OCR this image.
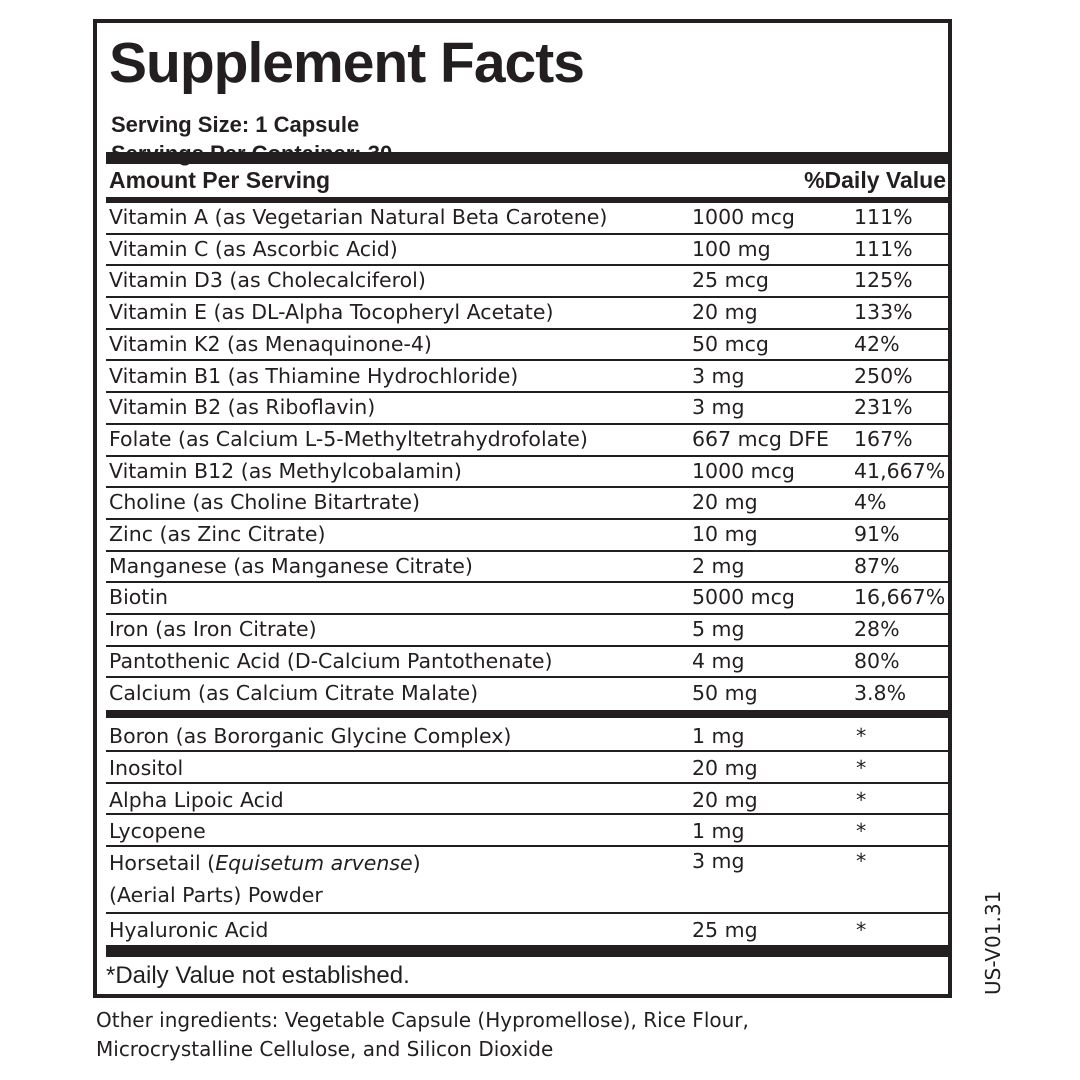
Supplement Facts
Serving Size: 1 Capsule
Amount Per Serving	%Daily Value
Vitamin A (as Vegetarian Natural Beta Carotene)	1000 mcg	111%
Vitamin C (as Ascorbic Acid)	100 mg	111%
Vitamin D3 (as Cholecalciferol)	25 mcg	125%
Vitamin E (as DL-Alpha Tocopheryl Acetate)	20 mg	133%
Vitamin K2 (as Menaquinone-4)	50 mcg	42%
Vitamin B1 (as Thiamine Hydrochloride)	3 mg	250%
Vitamin B2 (as Riboflavin)	3 mg	231%
Folate (as Calcium L-5-Methyltetrahydrofolate)	667 mcg DFE 167%
Vitamin B12 (as Methylcobalamin)	1000 mcg	41,667%
Choline (as Choline Bitartrate)	20 mg	4%
Zinc (as Zinc Citrate)	10 mg	91%
Manganese (as Manganese Citrate)	2 mg	87%
Biotin	5000 mcg	16,667%
Iron (as Iron Citrate)	5 mg	28%
Pantothenic Acid (D-Calcium Pantothenate)	4 mg	80%
Calcium (as Calcium Citrate Malate)	50 mg	3.8%
Boron (as Bororganic Glycine Complex)	1 mg	*
Inositol	20 mg	*
Alpha Lipoic Acid	20 mg	*
Lycopene	1 mg	*
Horsetail (Equisetum arvense)
(Aerial Parts) Powder
3 mg	*
Hyaluronic Acid	25 mg	*
*Daily Value not established.
Other ingredients: Vegetable Capsule (Hypromellose), Rice Flour,
Microcrystalline Cellulose, and Silicon Dioxide
US-V01.31
